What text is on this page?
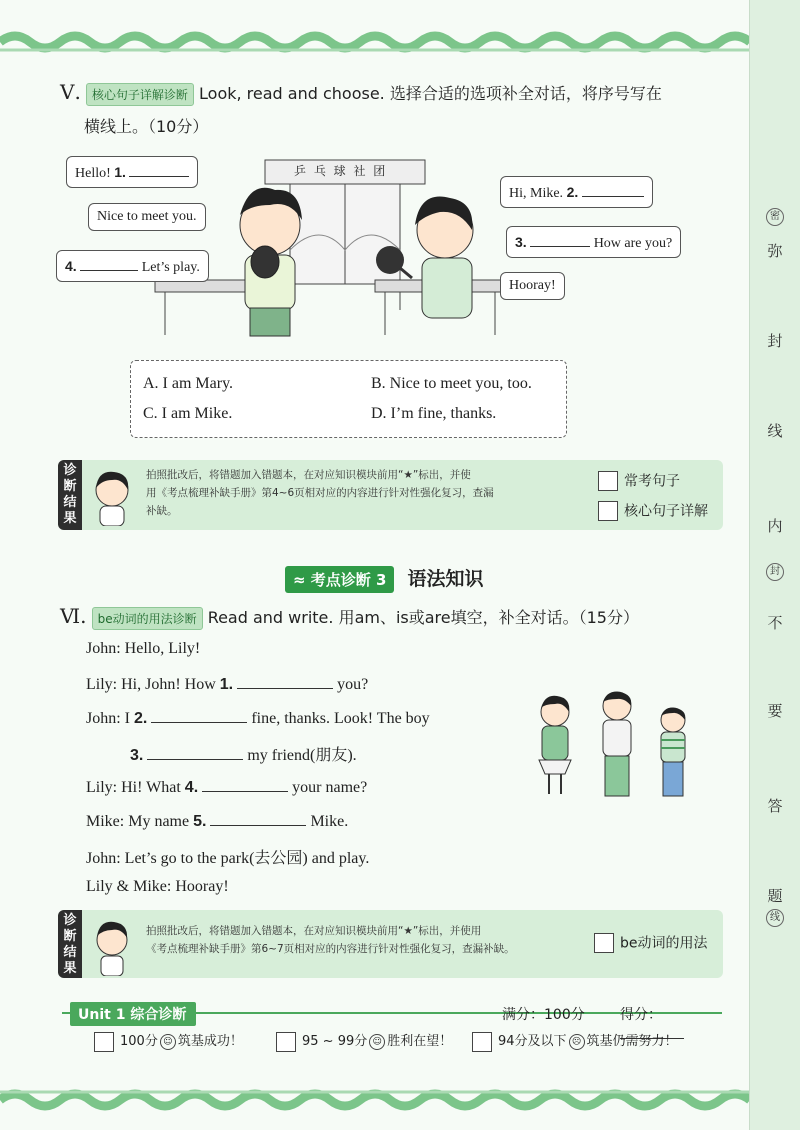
密
弥
封
线
内
封
不
要
答
题
线
Ⅴ. 核心句子详解诊断 Look, read and choose. 选择合适的选项补全对话，将序号写在
横线上。（10分）
乒 乓 球 社 团
Hello! 1.
Nice to meet you.
4.	Let’s play.
Hi, Mike. 2.
3.	How are you?
Hooray!
A. I am Mary.	B. Nice to meet you, too.
C. I am Mike.	D. I’m fine, thanks.
诊
断
结
果
拍照批改后，将错题加入错题本，在对应知识模块前用“★”标出，并使
用《考点梳理补缺手册》第4~6页相对应的内容进行针对性强化复习，查漏
补缺。
常考句子
核心句子详解
≈ 考点诊断 3 语法知识
Ⅵ. be动词的用法诊断 Read and write. 用am、is或are填空，补全对话。（15分）
John: Hello, Lily!
Lily: Hi, John! How 1.	you?
John: I 2.	fine, thanks. Look! The boy
3.	my friend(朋友).
Lily: Hi! What 4.	your name?
Mike: My name 5.	Mike.
John: Let’s go to the park(去公园) and play.
Lily & Mike: Hooray!
诊
断
结
果
拍照批改后，将错题加入错题本，在对应知识模块前用“★”标出，并使用
《考点梳理补缺手册》第6~7页相对应的内容进行针对性强化复习，查漏补缺。	be动词的用法
Unit 1 综合诊断	满分：100分	得分：
100分 ☺ 筑基成功！	95 ~ 99分 ☺ 胜利在望！	94分及以下 ☹ 筑基仍需努力！
